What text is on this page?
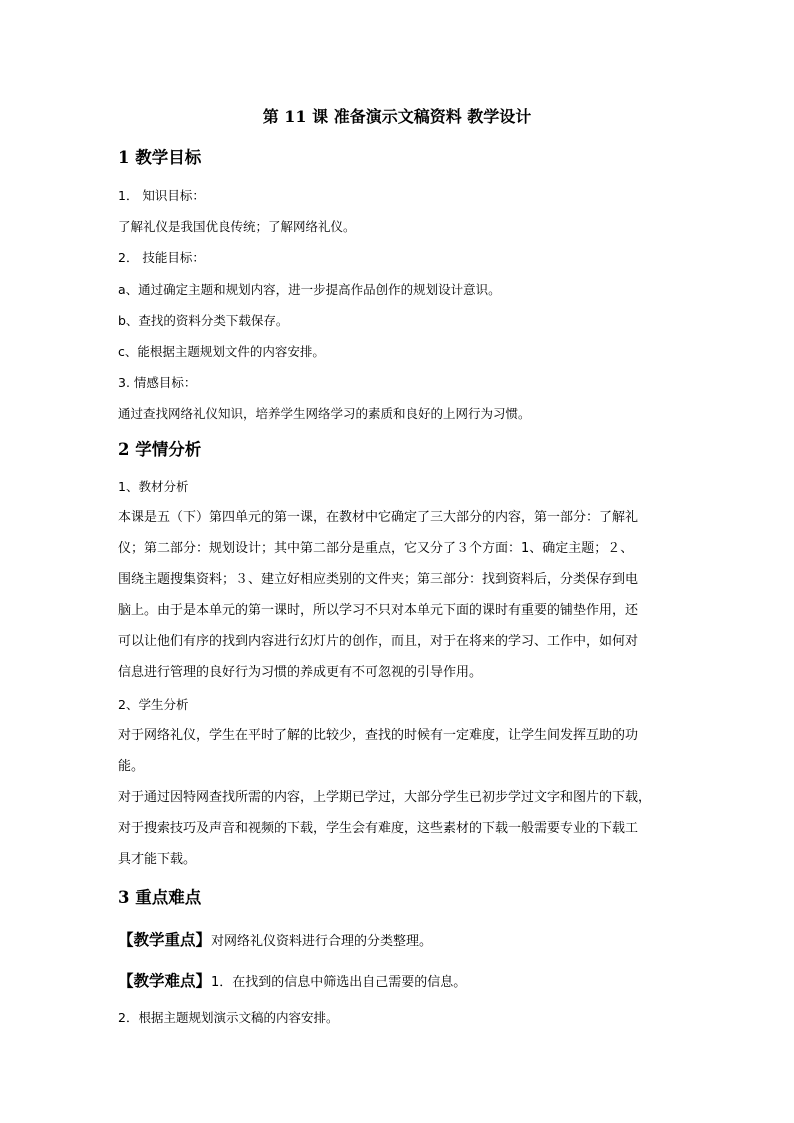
第 11 课 准备演示文稿资料 教学设计
1 教学目标
1． 知识目标：
了解礼仪是我国优良传统；了解网络礼仪。
2． 技能目标：
a、通过确定主题和规划内容，进一步提高作品创作的规划设计意识。
b、查找的资料分类下载保存。
c、能根据主题规划文件的内容安排。
3. 情感目标：
通过查找网络礼仪知识，培养学生网络学习的素质和良好的上网行为习惯。
2 学情分析
1、教材分析
本课是五（下）第四单元的第一课，在教材中它确定了三大部分的内容，第一部分：了解礼
仪；第二部分：规划设计；其中第二部分是重点，它又分了３个方面：1、确定主题；２、
围绕主题搜集资料；３、建立好相应类别的文件夹；第三部分：找到资料后，分类保存到电
脑上。由于是本单元的第一课时，所以学习不只对本单元下面的课时有重要的铺垫作用，还
可以让他们有序的找到内容进行幻灯片的创作，而且，对于在将来的学习、工作中，如何对
信息进行管理的良好行为习惯的养成更有不可忽视的引导作用。
2、学生分析
对于网络礼仪，学生在平时了解的比较少，查找的时候有一定难度，让学生间发挥互助的功
能。
对于通过因特网查找所需的内容，上学期已学过，大部分学生已初步学过文字和图片的下载，
对于搜索技巧及声音和视频的下载，学生会有难度，这些素材的下载一般需要专业的下载工
具才能下载。
3 重点难点
【教学重点】对网络礼仪资料进行合理的分类整理。
【教学难点】1．在找到的信息中筛选出自己需要的信息。
2．根据主题规划演示文稿的内容安排。
